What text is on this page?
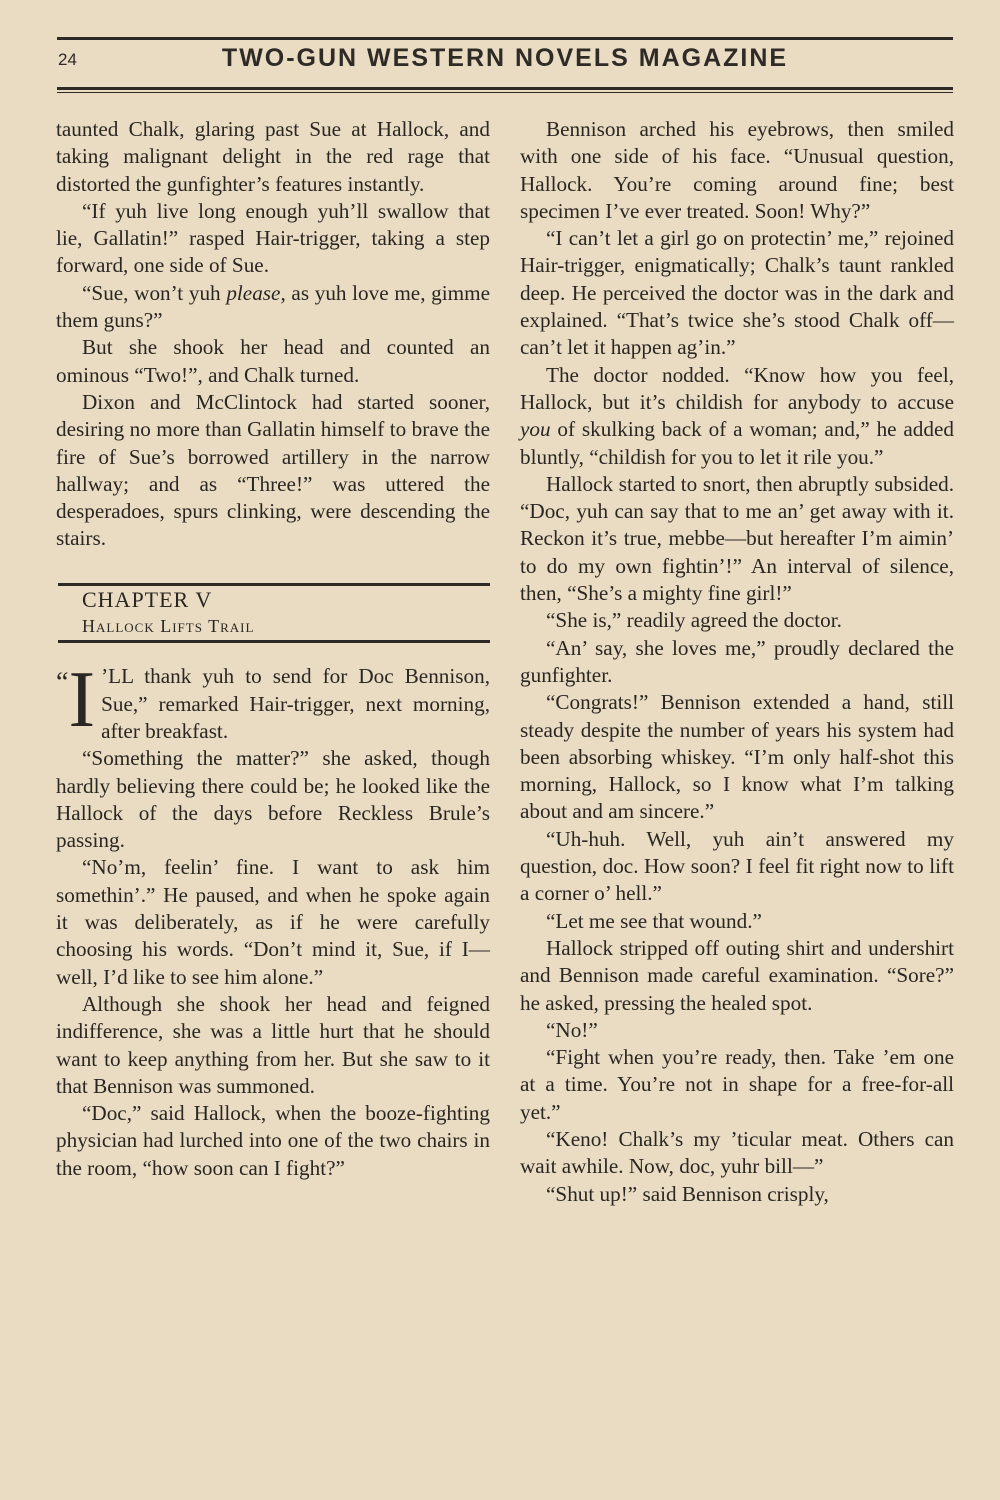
24	TWO-GUN WESTERN NOVELS MAGAZINE

taunted Chalk, glaring past Sue at Hallock, and taking malignant delight in the red rage that distorted the gunfighter’s features instantly.

“If yuh live long enough yuh’ll swallow that lie, Gallatin!” rasped Hair-trigger, taking a step forward, one side of Sue.

“Sue, won’t yuh please, as yuh love me, gimme them guns?”

But she shook her head and counted an ominous “Two!”, and Chalk turned.

Dixon and McClintock had started sooner, desiring no more than Gallatin himself to brave the fire of Sue’s borrowed artillery in the narrow hallway; and as “Three!” was uttered the desperadoes, spurs clinking, were descending the stairs.

CHAPTER V

Hallock Lifts Trail

“I ’LL thank yuh to send for Doc Bennison, Sue,” remarked Hair-trigger, next morning, after breakfast.

“Something the matter?” she asked, though hardly believing there could be; he looked like the Hallock of the days before Reckless Brule’s passing.

“No’m, feelin’ fine. I want to ask him somethin’.” He paused, and when he spoke again it was deliberately, as if he were carefully choosing his words. “Don’t mind it, Sue, if I—well, I’d like to see him alone.”

Although she shook her head and feigned indifference, she was a little hurt that he should want to keep anything from her. But she saw to it that Bennison was summoned.

“Doc,” said Hallock, when the booze-fighting physician had lurched into one of the two chairs in the room, “how soon can I fight?”

Bennison arched his eyebrows, then smiled with one side of his face. “Unusual question, Hallock. You’re coming around fine; best specimen I’ve ever treated. Soon! Why?”

“I can’t let a girl go on protectin’ me,” rejoined Hair-trigger, enigmatically; Chalk’s taunt rankled deep. He perceived the doctor was in the dark and explained. “That’s twice she’s stood Chalk off—can’t let it happen ag’in.”

The doctor nodded. “Know how you feel, Hallock, but it’s childish for anybody to accuse you of skulking back of a woman; and,” he added bluntly, “childish for you to let it rile you.”

Hallock started to snort, then abruptly subsided. “Doc, yuh can say that to me an’ get away with it. Reckon it’s true, mebbe—but hereafter I’m aimin’ to do my own fightin’!” An interval of silence, then, “She’s a mighty fine girl!”

“She is,” readily agreed the doctor.

“An’ say, she loves me,” proudly declared the gunfighter.

“Congrats!” Bennison extended a hand, still steady despite the number of years his system had been absorbing whiskey. “I’m only half-shot this morning, Hallock, so I know what I’m talking about and am sincere.”

“Uh-huh. Well, yuh ain’t answered my question, doc. How soon? I feel fit right now to lift a corner o’ hell.”

“Let me see that wound.”

Hallock stripped off outing shirt and undershirt and Bennison made careful examination. “Sore?” he asked, pressing the healed spot.

“No!”

“Fight when you’re ready, then. Take ’em one at a time. You’re not in shape for a free-for-all yet.”

“Keno! Chalk’s my ’ticular meat. Others can wait awhile. Now, doc, yuhr bill—”

“Shut up!” said Bennison crisply,
